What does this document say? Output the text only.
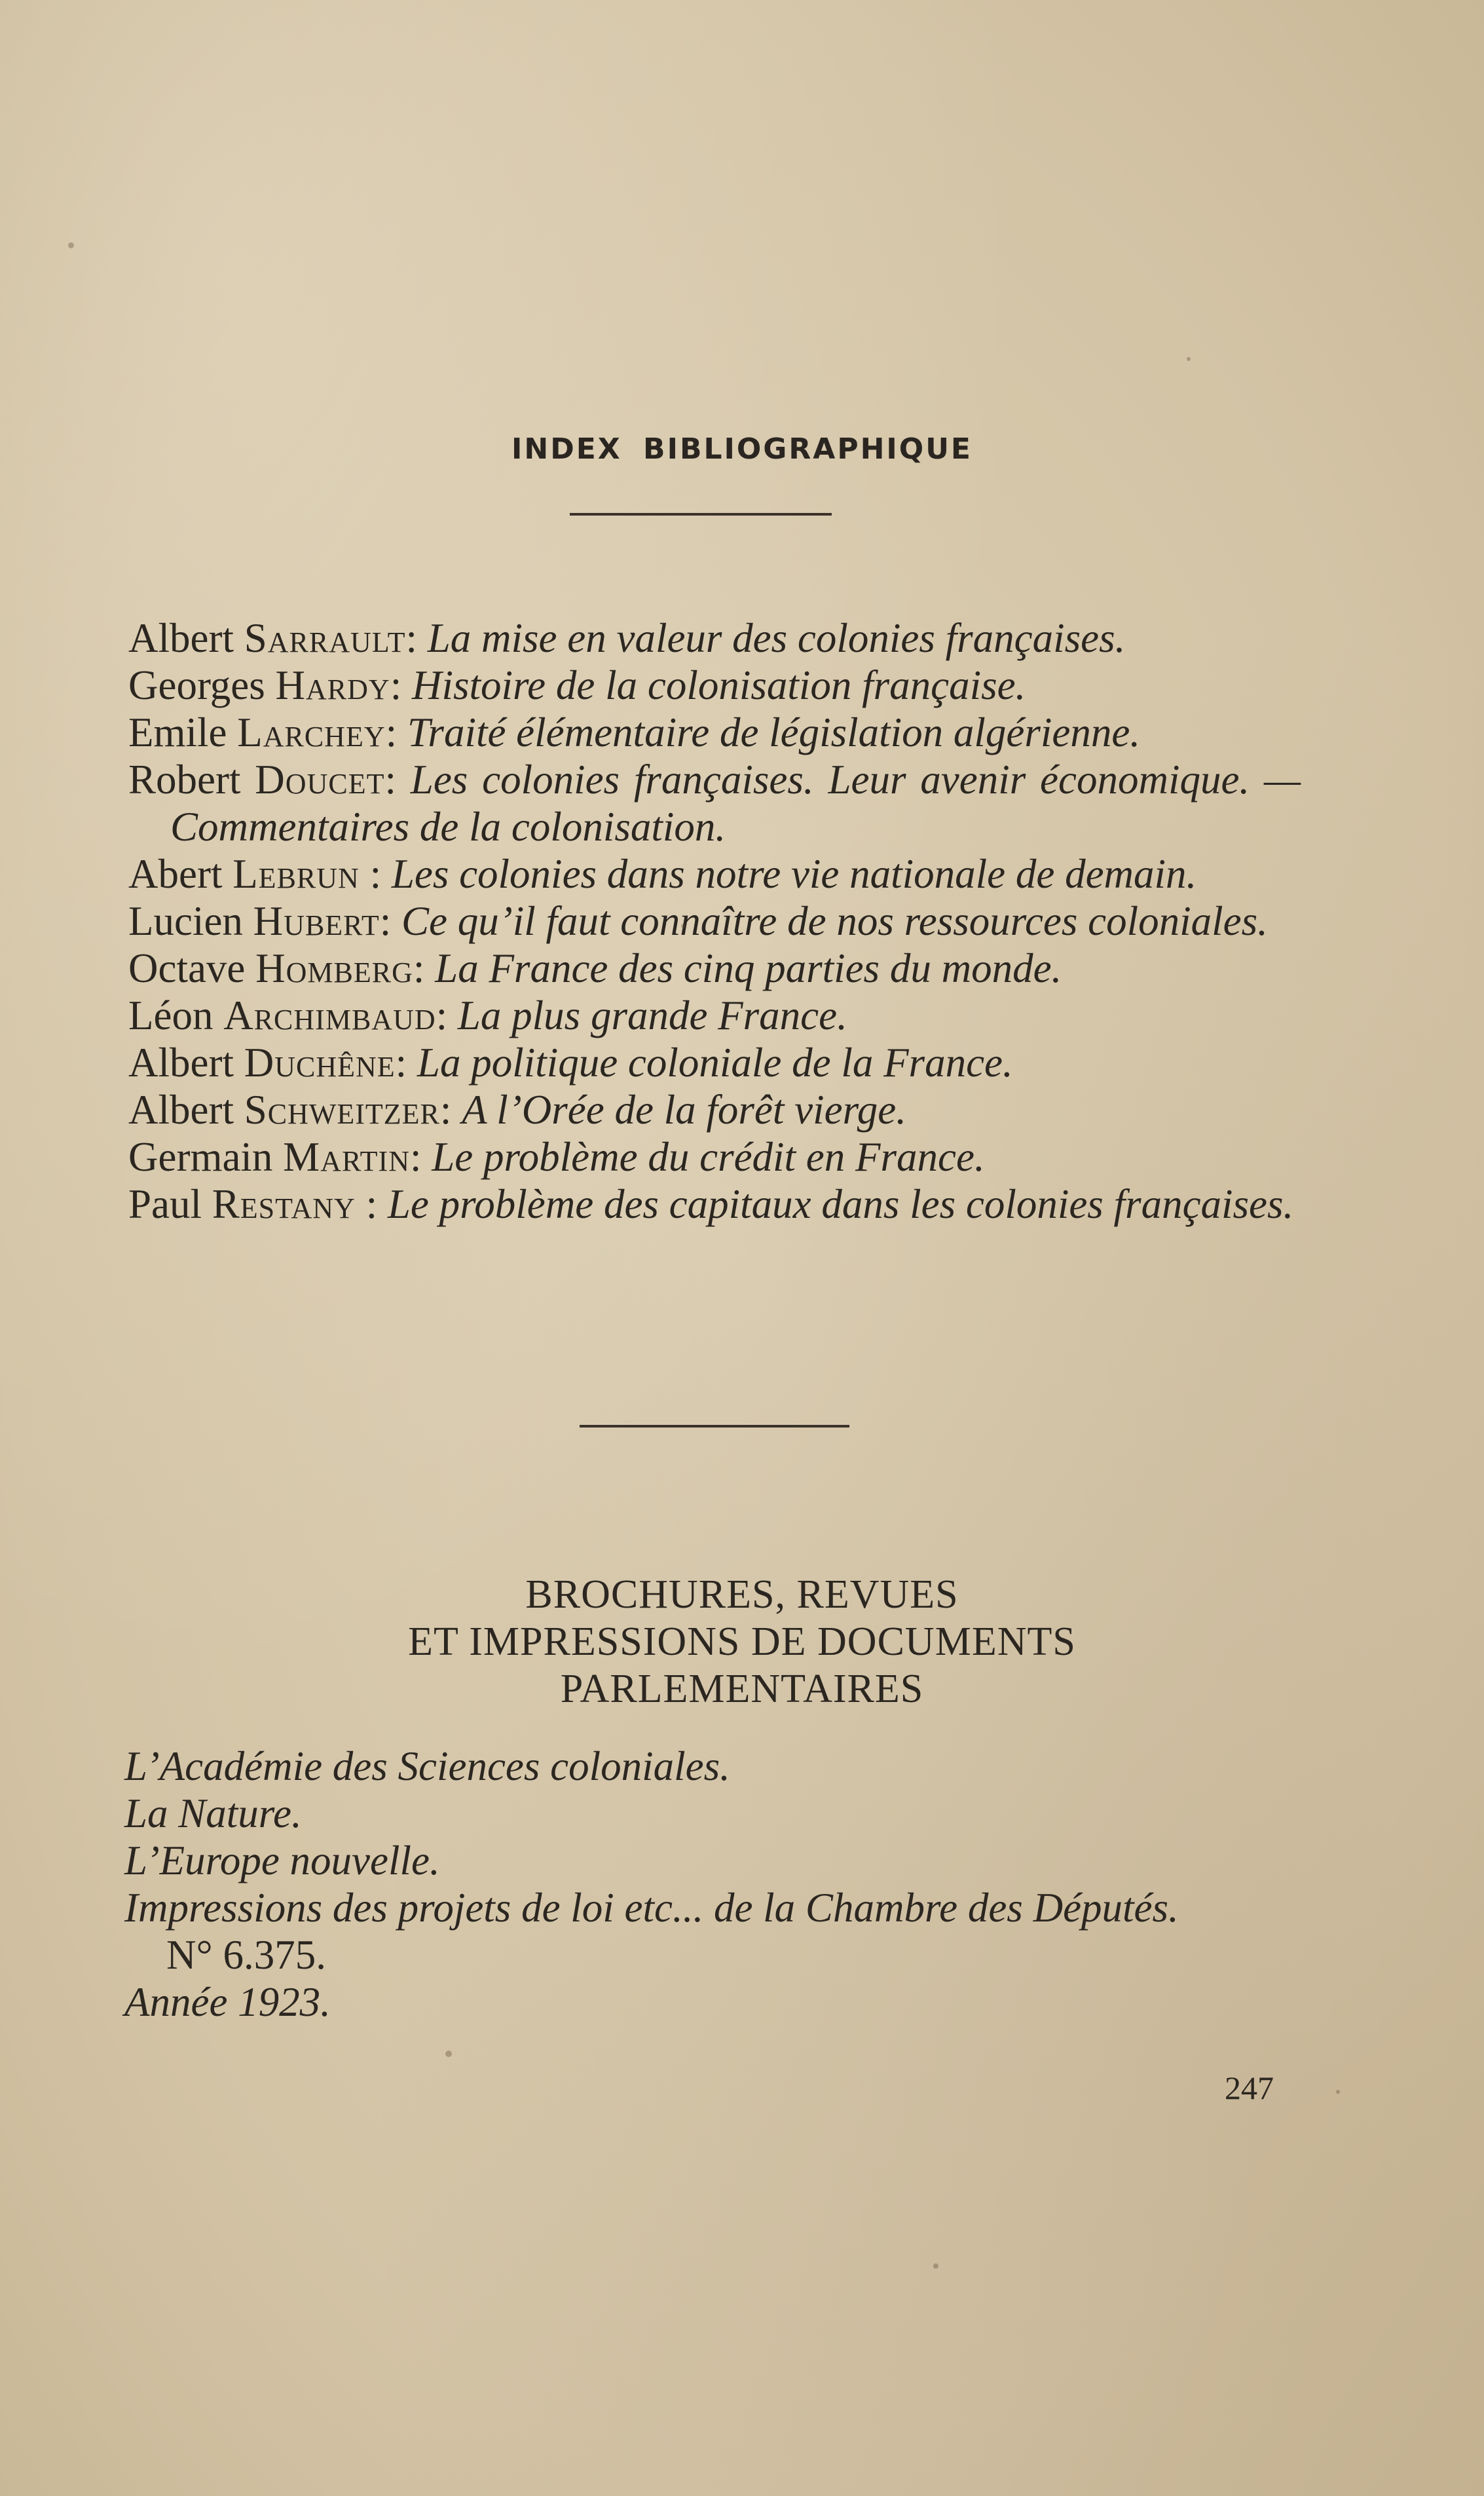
INDEX BIBLIOGRAPHIQUE

Albert Sarrault: La mise en valeur des colonies françaises.

Georges Hardy: Histoire de la colonisation française.

Emile Larchey: Traité élémentaire de législation algérienne.

Robert Doucet: Les colonies françaises. Leur avenir économique. — Commentaires de la colonisation.

Abert Lebrun : Les colonies dans notre vie nationale de demain.

Lucien Hubert: Ce qu’il faut connaître de nos ressources coloniales.

Octave Homberg: La France des cinq parties du monde.

Léon Archimbaud: La plus grande France.

Albert Duchêne: La politique coloniale de la France.

Albert Schweitzer: A l’Orée de la forêt vierge.

Germain Martin: Le problème du crédit en France.

Paul Restany : Le problème des capitaux dans les colonies françaises.

BROCHURES, REVUES
ET IMPRESSIONS DE DOCUMENTS
PARLEMENTAIRES

L’Académie des Sciences coloniales.

La Nature.

L’Europe nouvelle.

Impressions des projets de loi etc... de la Chambre des Députés.

N° 6.375.

Année 1923.

247
